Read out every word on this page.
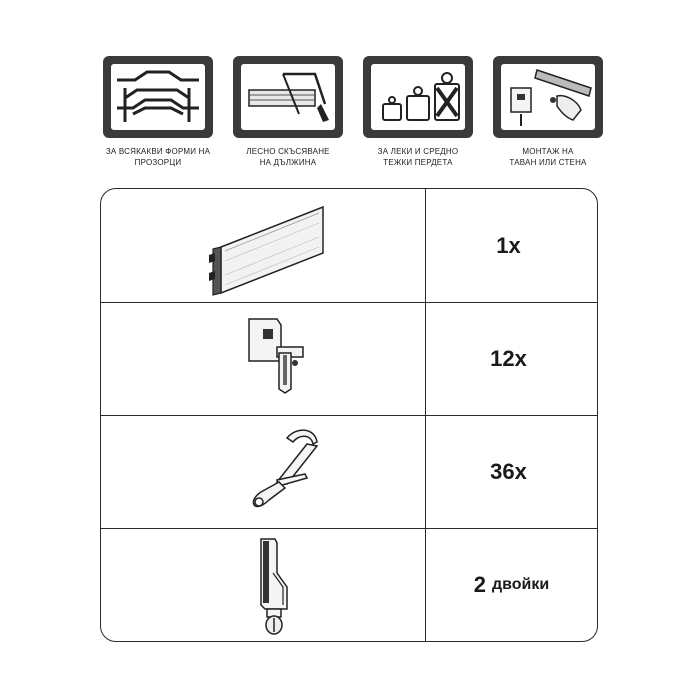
ЗА ВСЯКАКВИ ФОРМИ НА
ПРОЗОРЦИ
ЛЕСНО СКЪСЯВАНЕ
НА ДЪЛЖИНА
ЗА ЛЕКИ И СРЕДНО
ТЕЖКИ ПЕРДЕТА
МОНТАЖ НА
ТАВАН ИЛИ СТЕНА
1x
12x
36x
2 двойки
